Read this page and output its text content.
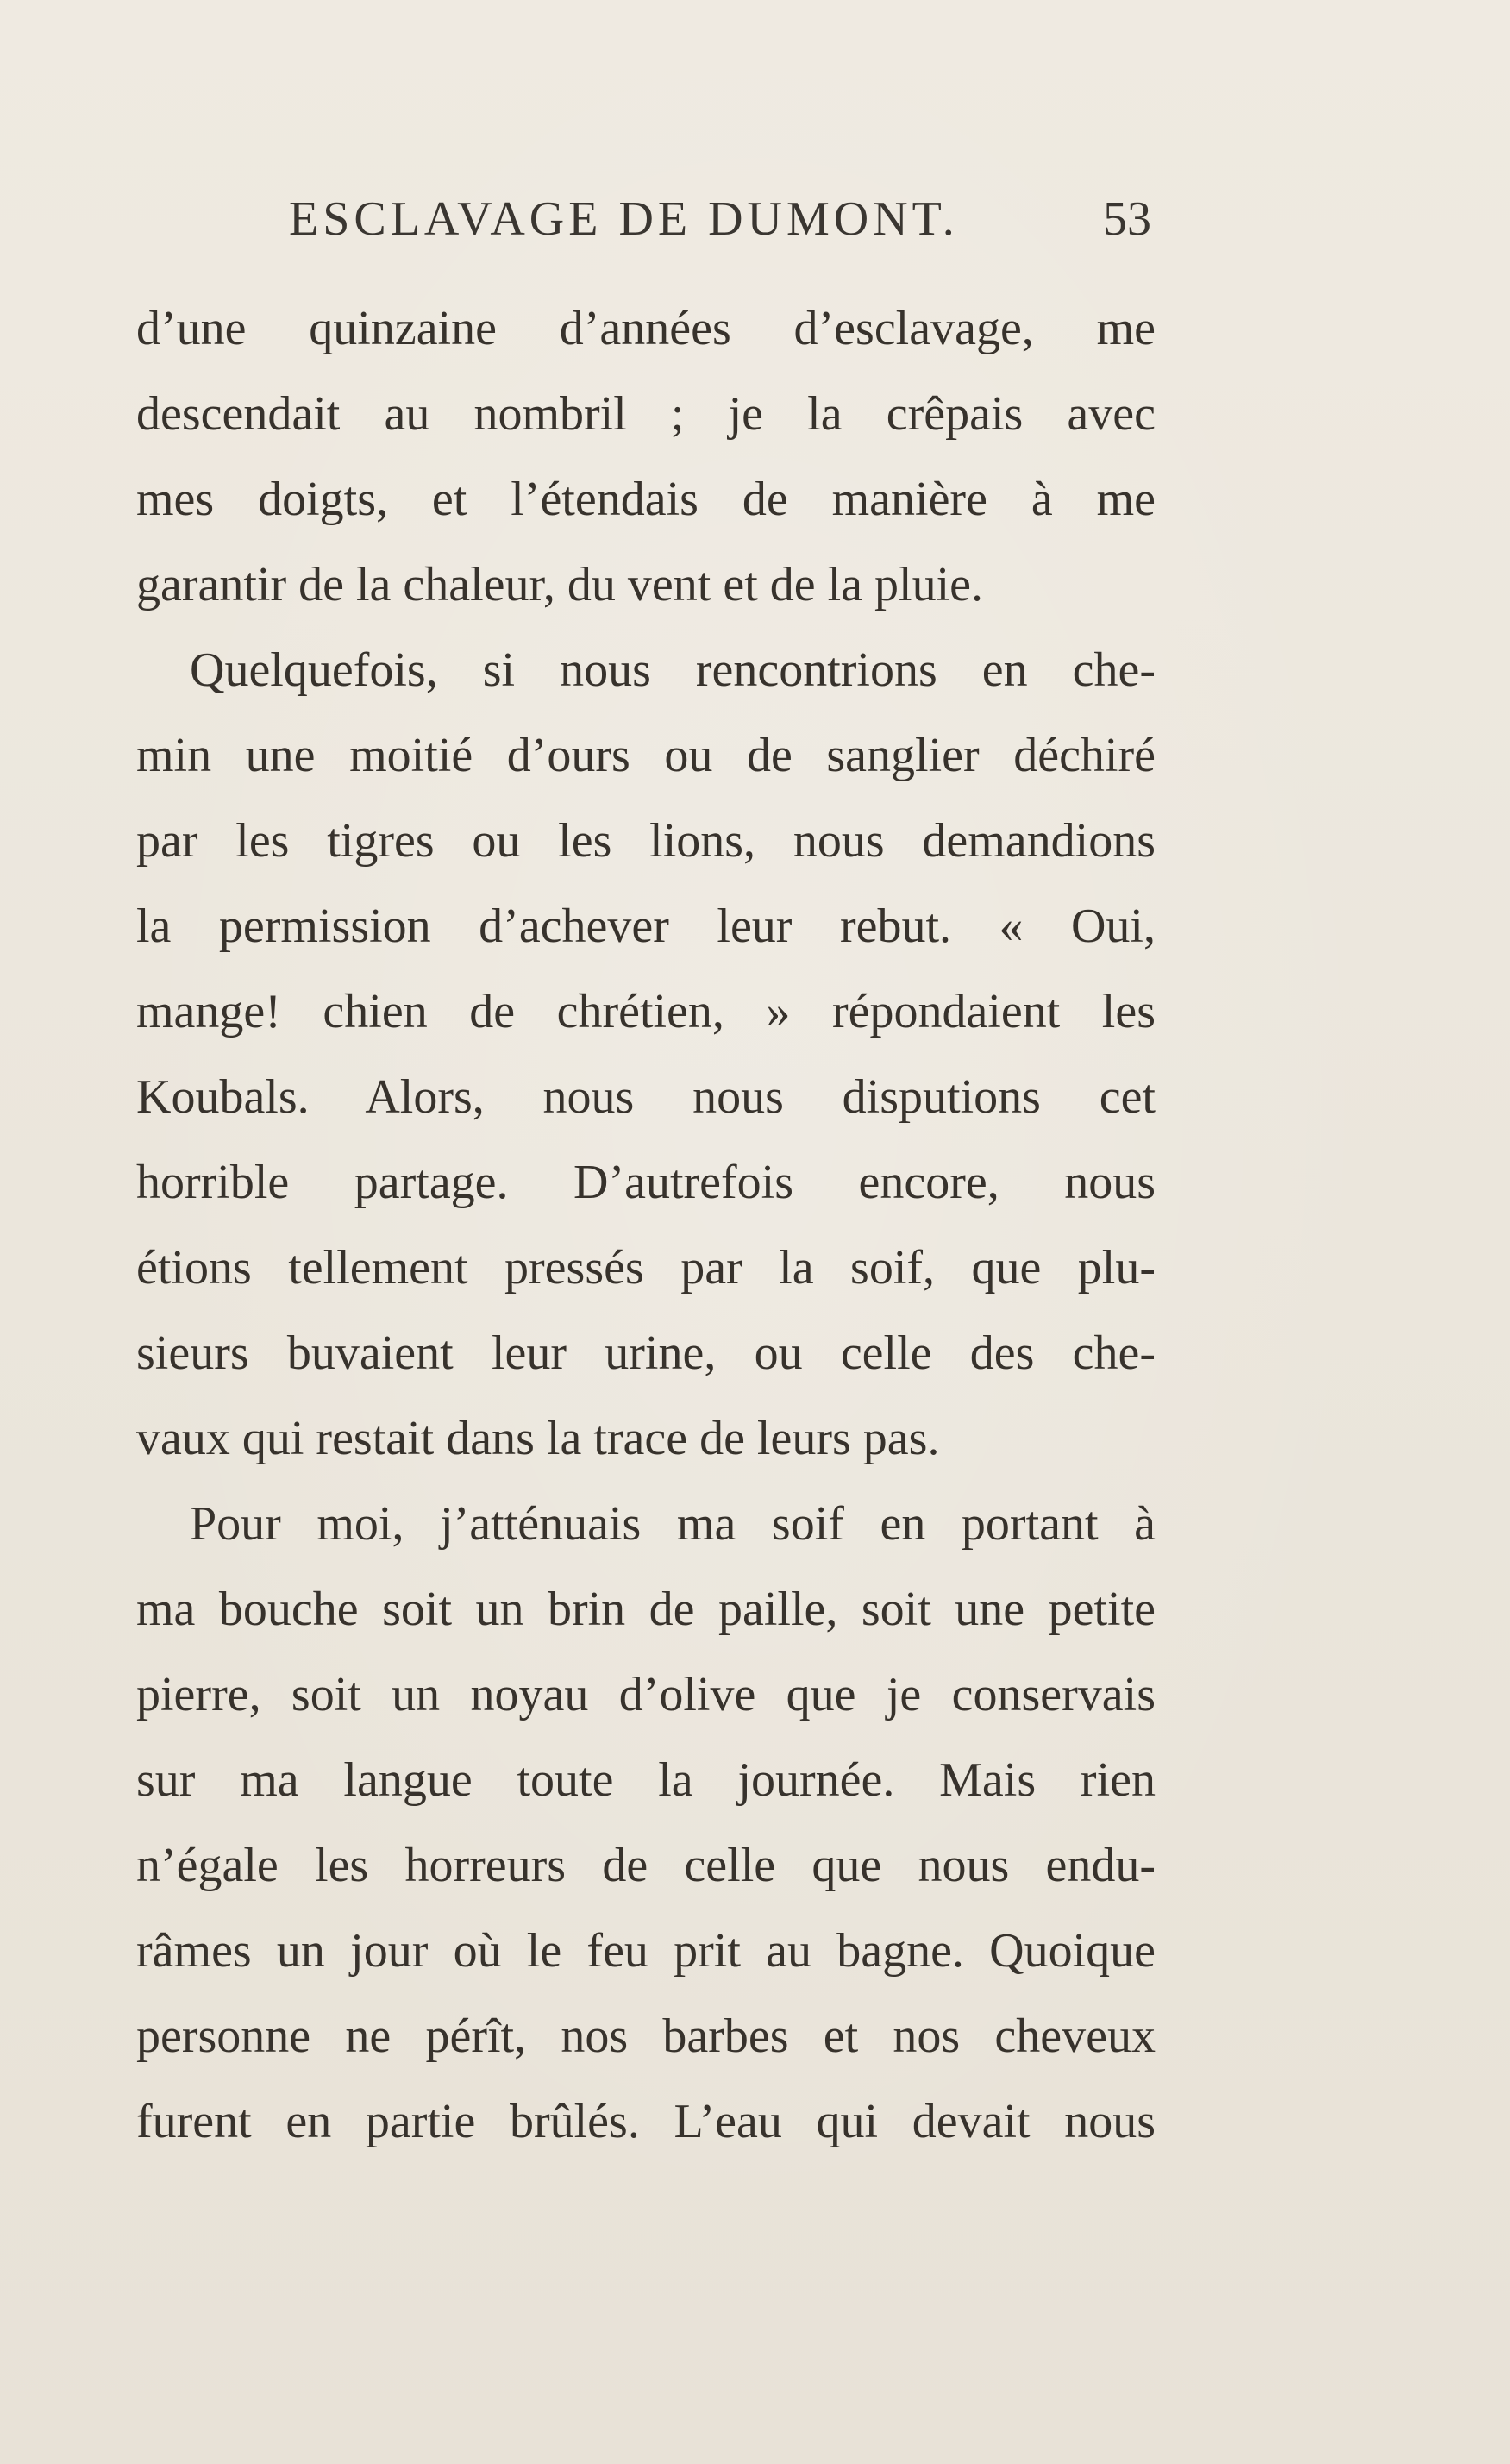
ESCLAVAGE DE DUMONT.	53
d’une quinzaine d’années d’esclavage, me
descendait au nombril ; je la crêpais avec
mes doigts, et l’étendais de manière à me
garantir de la chaleur, du vent et de la pluie.
Quelquefois, si nous rencontrions en che-
min une moitié d’ours ou de sanglier déchiré
par les tigres ou les lions, nous demandions
la permission d’achever leur rebut. « Oui,
mange! chien de chrétien, » répondaient les
Koubals. Alors, nous nous disputions cet
horrible partage. D’autrefois encore, nous
étions tellement pressés par la soif, que plu-
sieurs buvaient leur urine, ou celle des che-
vaux qui restait dans la trace de leurs pas.
Pour moi, j’atténuais ma soif en portant à
ma bouche soit un brin de paille, soit une petite
pierre, soit un noyau d’olive que je conservais
sur ma langue toute la journée. Mais rien
n’égale les horreurs de celle que nous endu-
râmes un jour où le feu prit au bagne. Quoique
personne ne pérît, nos barbes et nos cheveux
furent en partie brûlés. L’eau qui devait nous
